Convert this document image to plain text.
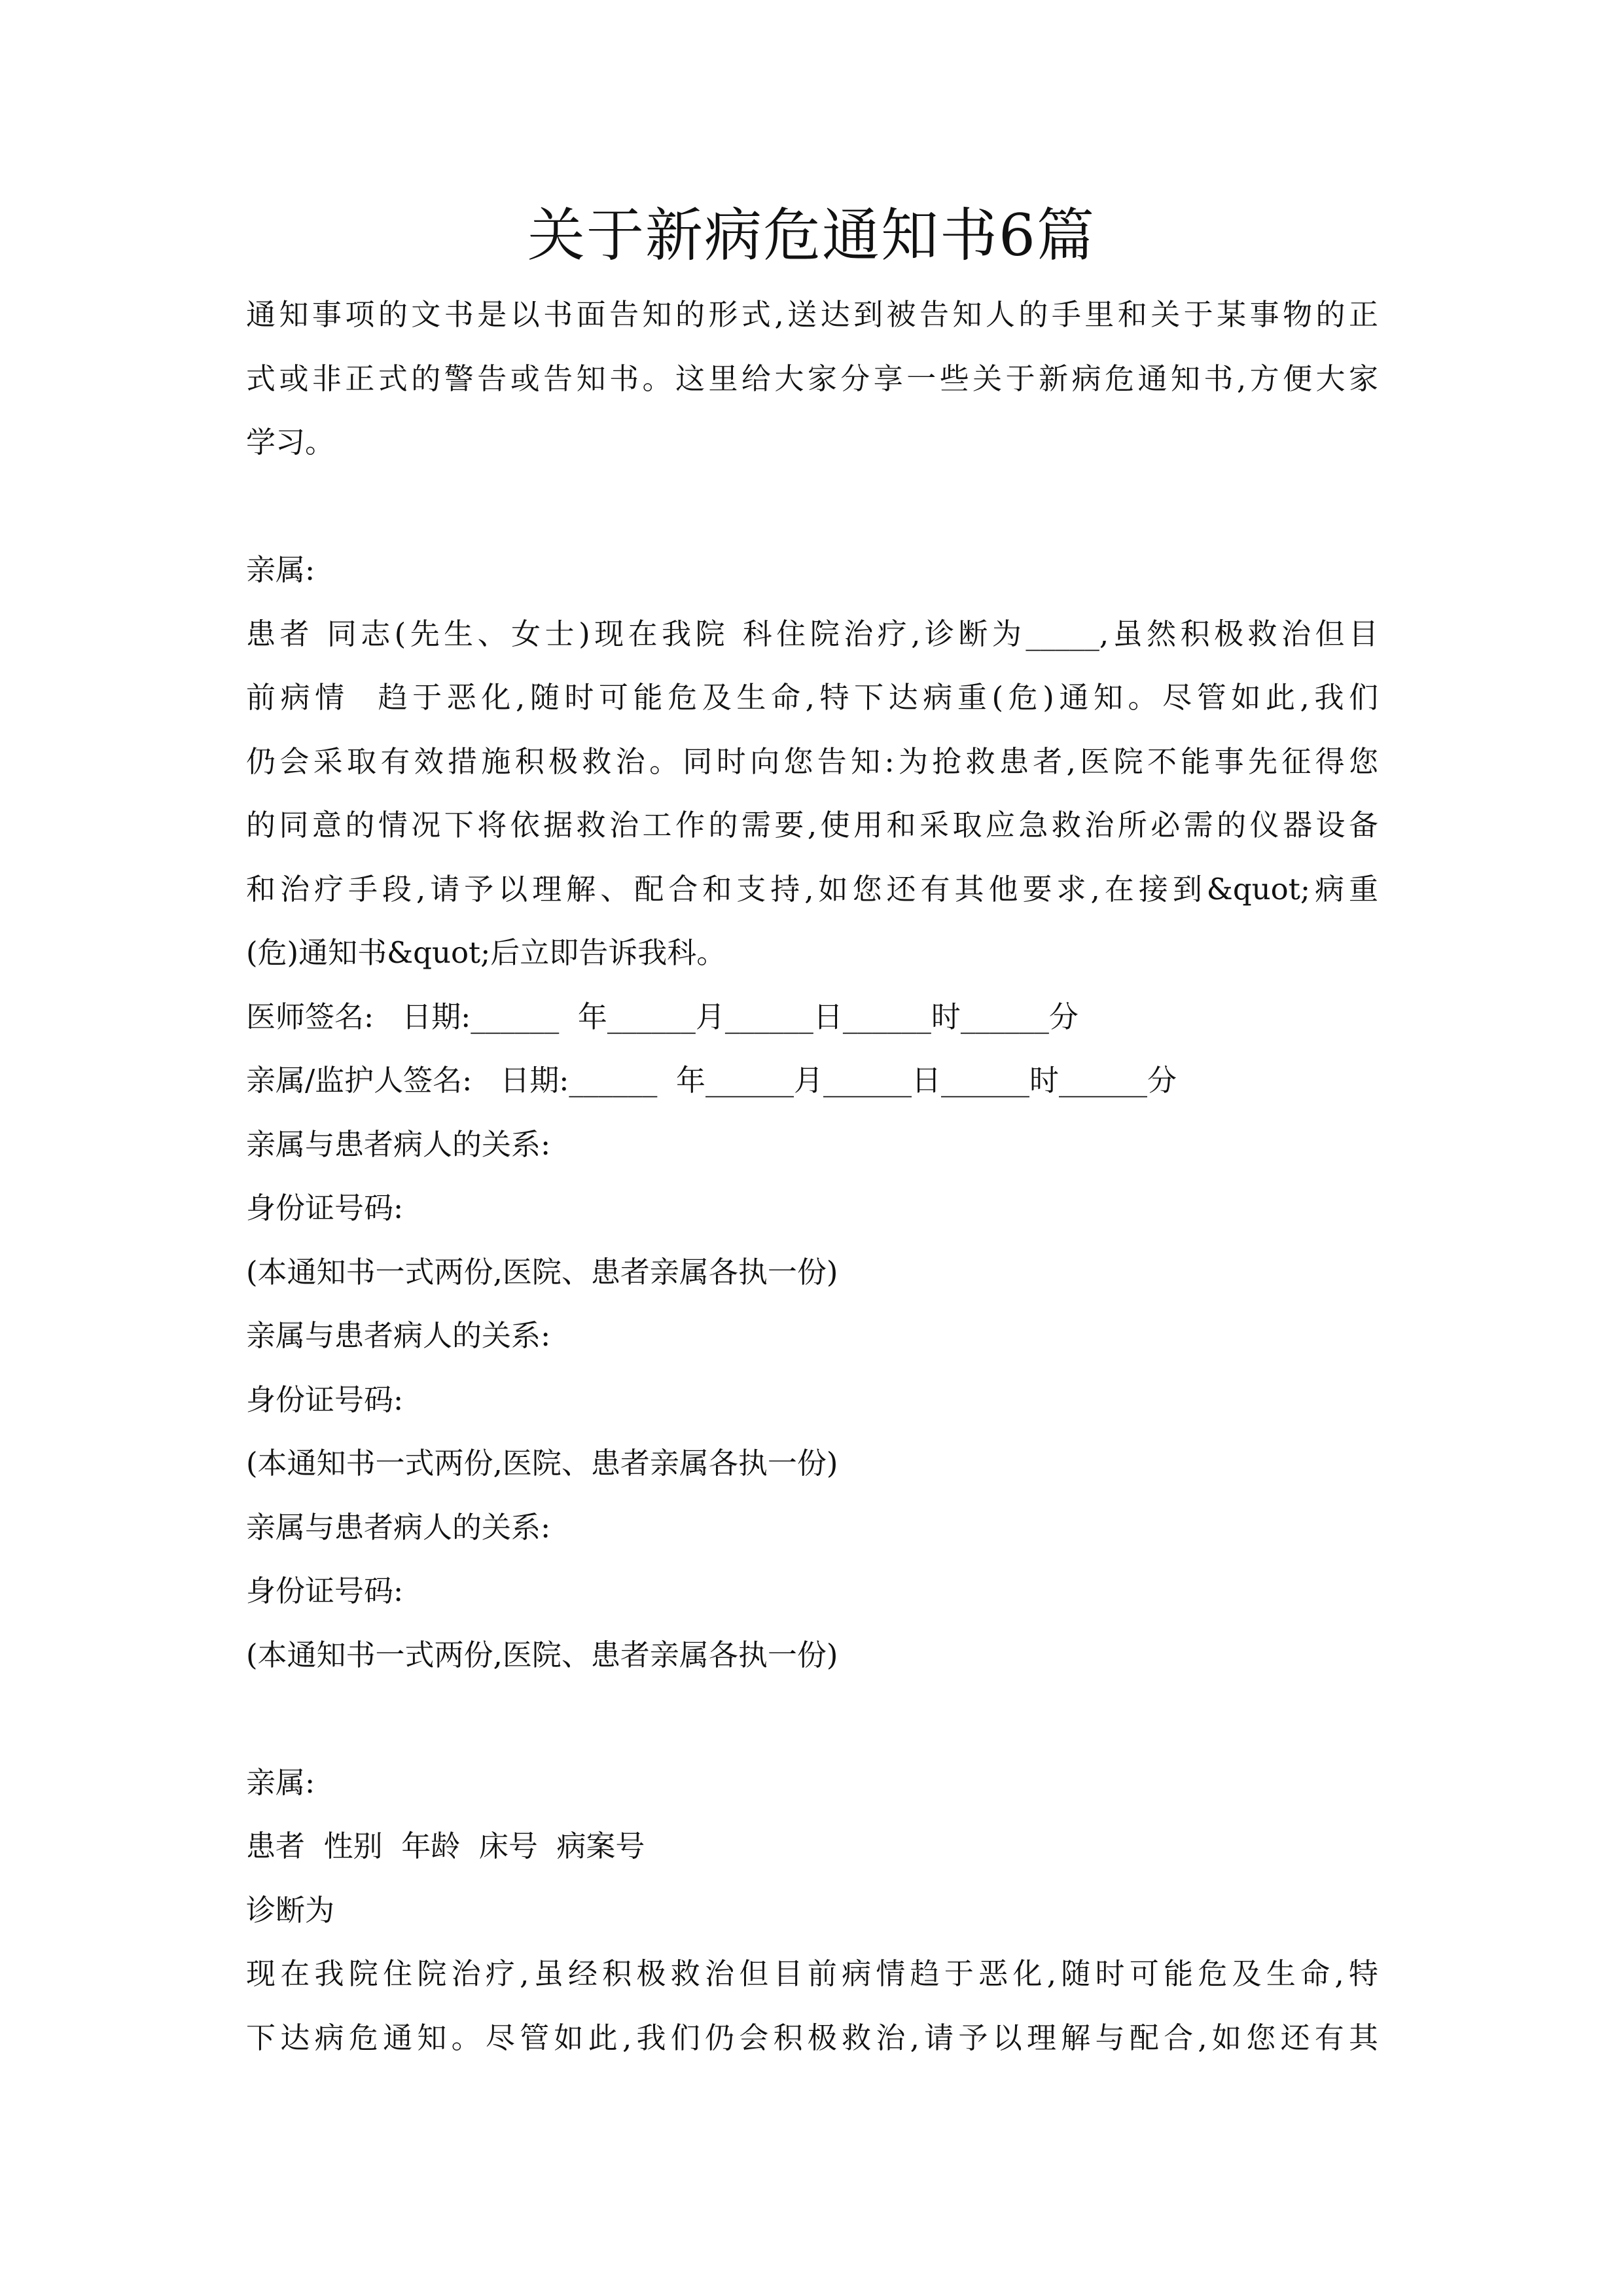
关于新病危通知书6篇
通知事项的文书是以书面告知的形式,送达到被告知人的手里和关于某事物的正
式或非正式的警告或告知书。这里给大家分享一些关于新病危通知书,方便大家
学习。
亲属:
患者 同志(先生、女士)现在我院 科住院治疗,诊断为_____,虽然积极救治但目
前病情  趋于恶化,随时可能危及生命,特下达病重(危)通知。尽管如此,我们
仍会采取有效措施积极救治。同时向您告知:为抢救患者,医院不能事先征得您
的同意的情况下将依据救治工作的需要,使用和采取应急救治所必需的仪器设备
和治疗手段,请予以理解、配合和支持,如您还有其他要求,在接到&quot;病重
(危)通知书&quot;后立即告诉我科。
医师签名:   日期:______  年______月______日______时______分
亲属/监护人签名:   日期:______  年______月______日______时______分
亲属与患者病人的关系:
身份证号码:
(本通知书一式两份,医院、患者亲属各执一份)
亲属与患者病人的关系:
身份证号码:
(本通知书一式两份,医院、患者亲属各执一份)
亲属与患者病人的关系:
身份证号码:
(本通知书一式两份,医院、患者亲属各执一份)
亲属:
患者  性别  年龄  床号  病案号
诊断为
现在我院住院治疗,虽经积极救治但目前病情趋于恶化,随时可能危及生命,特
下达病危通知。尽管如此,我们仍会积极救治,请予以理解与配合,如您还有其
